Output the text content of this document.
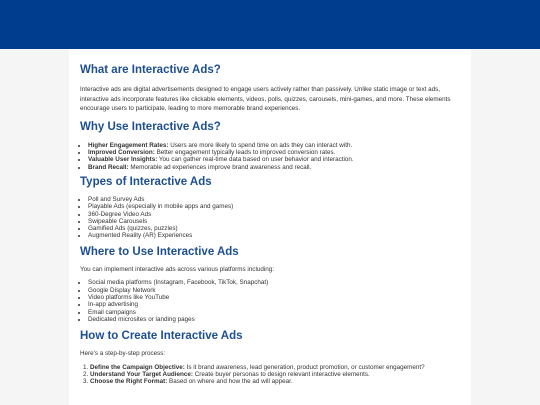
What are Interactive Ads?

Interactive ads are digital advertisements designed to engage users actively rather than passively. Unlike static image or text ads, interactive ads incorporate features like clickable elements, videos, polls, quizzes, carousels, mini-games, and more. These elements encourage users to participate, leading to more memorable brand experiences.

Why Use Interactive Ads?
• Higher Engagement Rates: Users are more likely to spend time on ads they can interact with.
• Improved Conversion: Better engagement typically leads to improved conversion rates.
• Valuable User Insights: You can gather real-time data based on user behavior and interaction.
• Brand Recall: Memorable ad experiences improve brand awareness and recall.
Types of Interactive Ads
• Poll and Survey Ads
• Playable Ads (especially in mobile apps and games)
• 360-Degree Video Ads
• Swipeable Carousels
• Gamified Ads (quizzes, puzzles)
• Augmented Reality (AR) Experiences
Where to Use Interactive Ads

You can implement interactive ads across various platforms including:

• Social media platforms (Instagram, Facebook, TikTok, Snapchat)
• Google Display Network
• Video platforms like YouTube
• In-app advertising
• Email campaigns
• Dedicated microsites or landing pages
How to Create Interactive Ads

Here's a step-by-step process:

1. Define the Campaign Objective: Is it brand awareness, lead generation, product promotion, or customer engagement?
2. Understand Your Target Audience: Create buyer personas to design relevant interactive elements.
3. Choose the Right Format: Based on where and how the ad will appear.
